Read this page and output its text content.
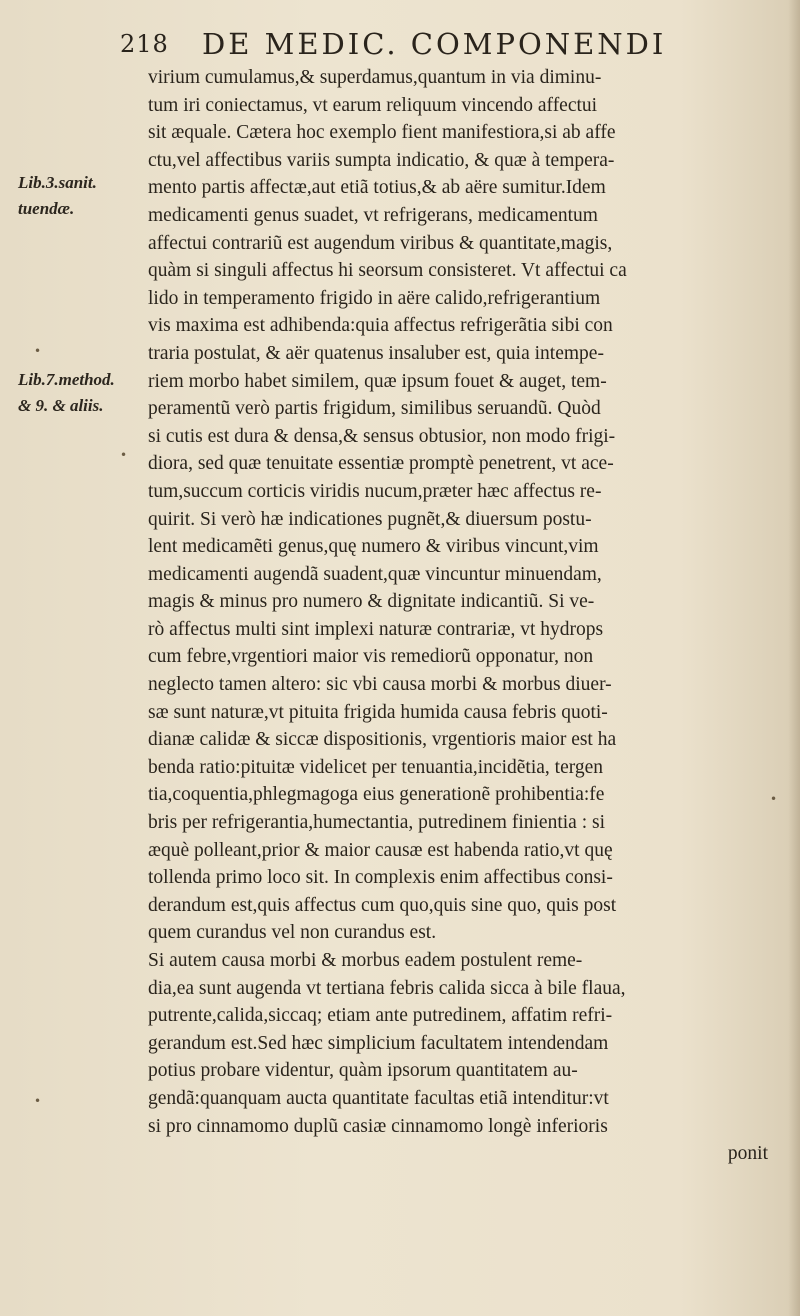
218 DE MEDIC. COMPONENDI
Lib.3.sanit.
tuendæ.
Lib.7.method.
& 9. & aliis.
•
•
•
•
virium cumulamus,& superdamus,quantum in via diminu-
tum iri coniectamus, vt earum reliquum vincendo affectui
sit æquale. Cætera hoc exemplo fient manifestiora,si ab affe
ctu,vel affectibus variis sumpta indicatio, & quæ à tempera-
mento partis affectæ,aut etiã totius,& ab aëre sumitur.Idem
medicamenti genus suadet, vt refrigerans, medicamentum
affectui contrariũ est augendum viribus & quantitate,magis,
quàm si singuli affectus hi seorsum consisteret. Vt affectui ca
lido in temperamento frigido in aëre calido,refrigerantium
vis maxima est adhibenda:quia affectus refrigerãtia sibi con
traria postulat, & aër quatenus insaluber est, quia intempe-
riem morbo habet similem, quæ ipsum fouet & auget, tem-
peramentũ verò partis frigidum, similibus seruandũ. Quòd
si cutis est dura & densa,& sensus obtusior, non modo frigi-
diora, sed quæ tenuitate essentiæ promptè penetrent, vt ace-
tum,succum corticis viridis nucum,præter hæc affectus re-
quirit. Si verò hæ indicationes pugnẽt,& diuersum postu-
lent medicamẽti genus,quę numero & viribus vincunt,vim
medicamenti augendã suadent,quæ vincuntur minuendam,
magis & minus pro numero & dignitate indicantiũ. Si ve-
rò affectus multi sint implexi naturæ contrariæ, vt hydrops
cum febre,vrgentiori maior vis remediorũ opponatur, non
neglecto tamen altero: sic vbi causa morbi & morbus diuer-
sæ sunt naturæ,vt pituita frigida humida causa febris quoti-
dianæ calidæ & siccæ dispositionis, vrgentioris maior est ha
benda ratio:pituitæ videlicet per tenuantia,incidẽtia, tergen
tia,coquentia,phlegmagoga eius generationẽ prohibentia:fe
bris per refrigerantia,humectantia, putredinem finientia : si
æquè polleant,prior & maior causæ est habenda ratio,vt quę
tollenda primo loco sit. In complexis enim affectibus consi-
derandum est,quis affectus cum quo,quis sine quo, quis post
quem curandus vel non curandus est.
Si autem causa morbi & morbus eadem postulent reme-
dia,ea sunt augenda vt tertiana febris calida sicca à bile flaua,
putrente,calida,siccaq; etiam ante putredinem, affatim refri-
gerandum est.Sed hæc simplicium facultatem intendendam
potius probare videntur, quàm ipsorum quantitatem au-
gendã:quanquam aucta quantitate facultas etiã intenditur:vt
si pro cinnamomo duplũ casiæ cinnamomo longè inferioris
ponit
